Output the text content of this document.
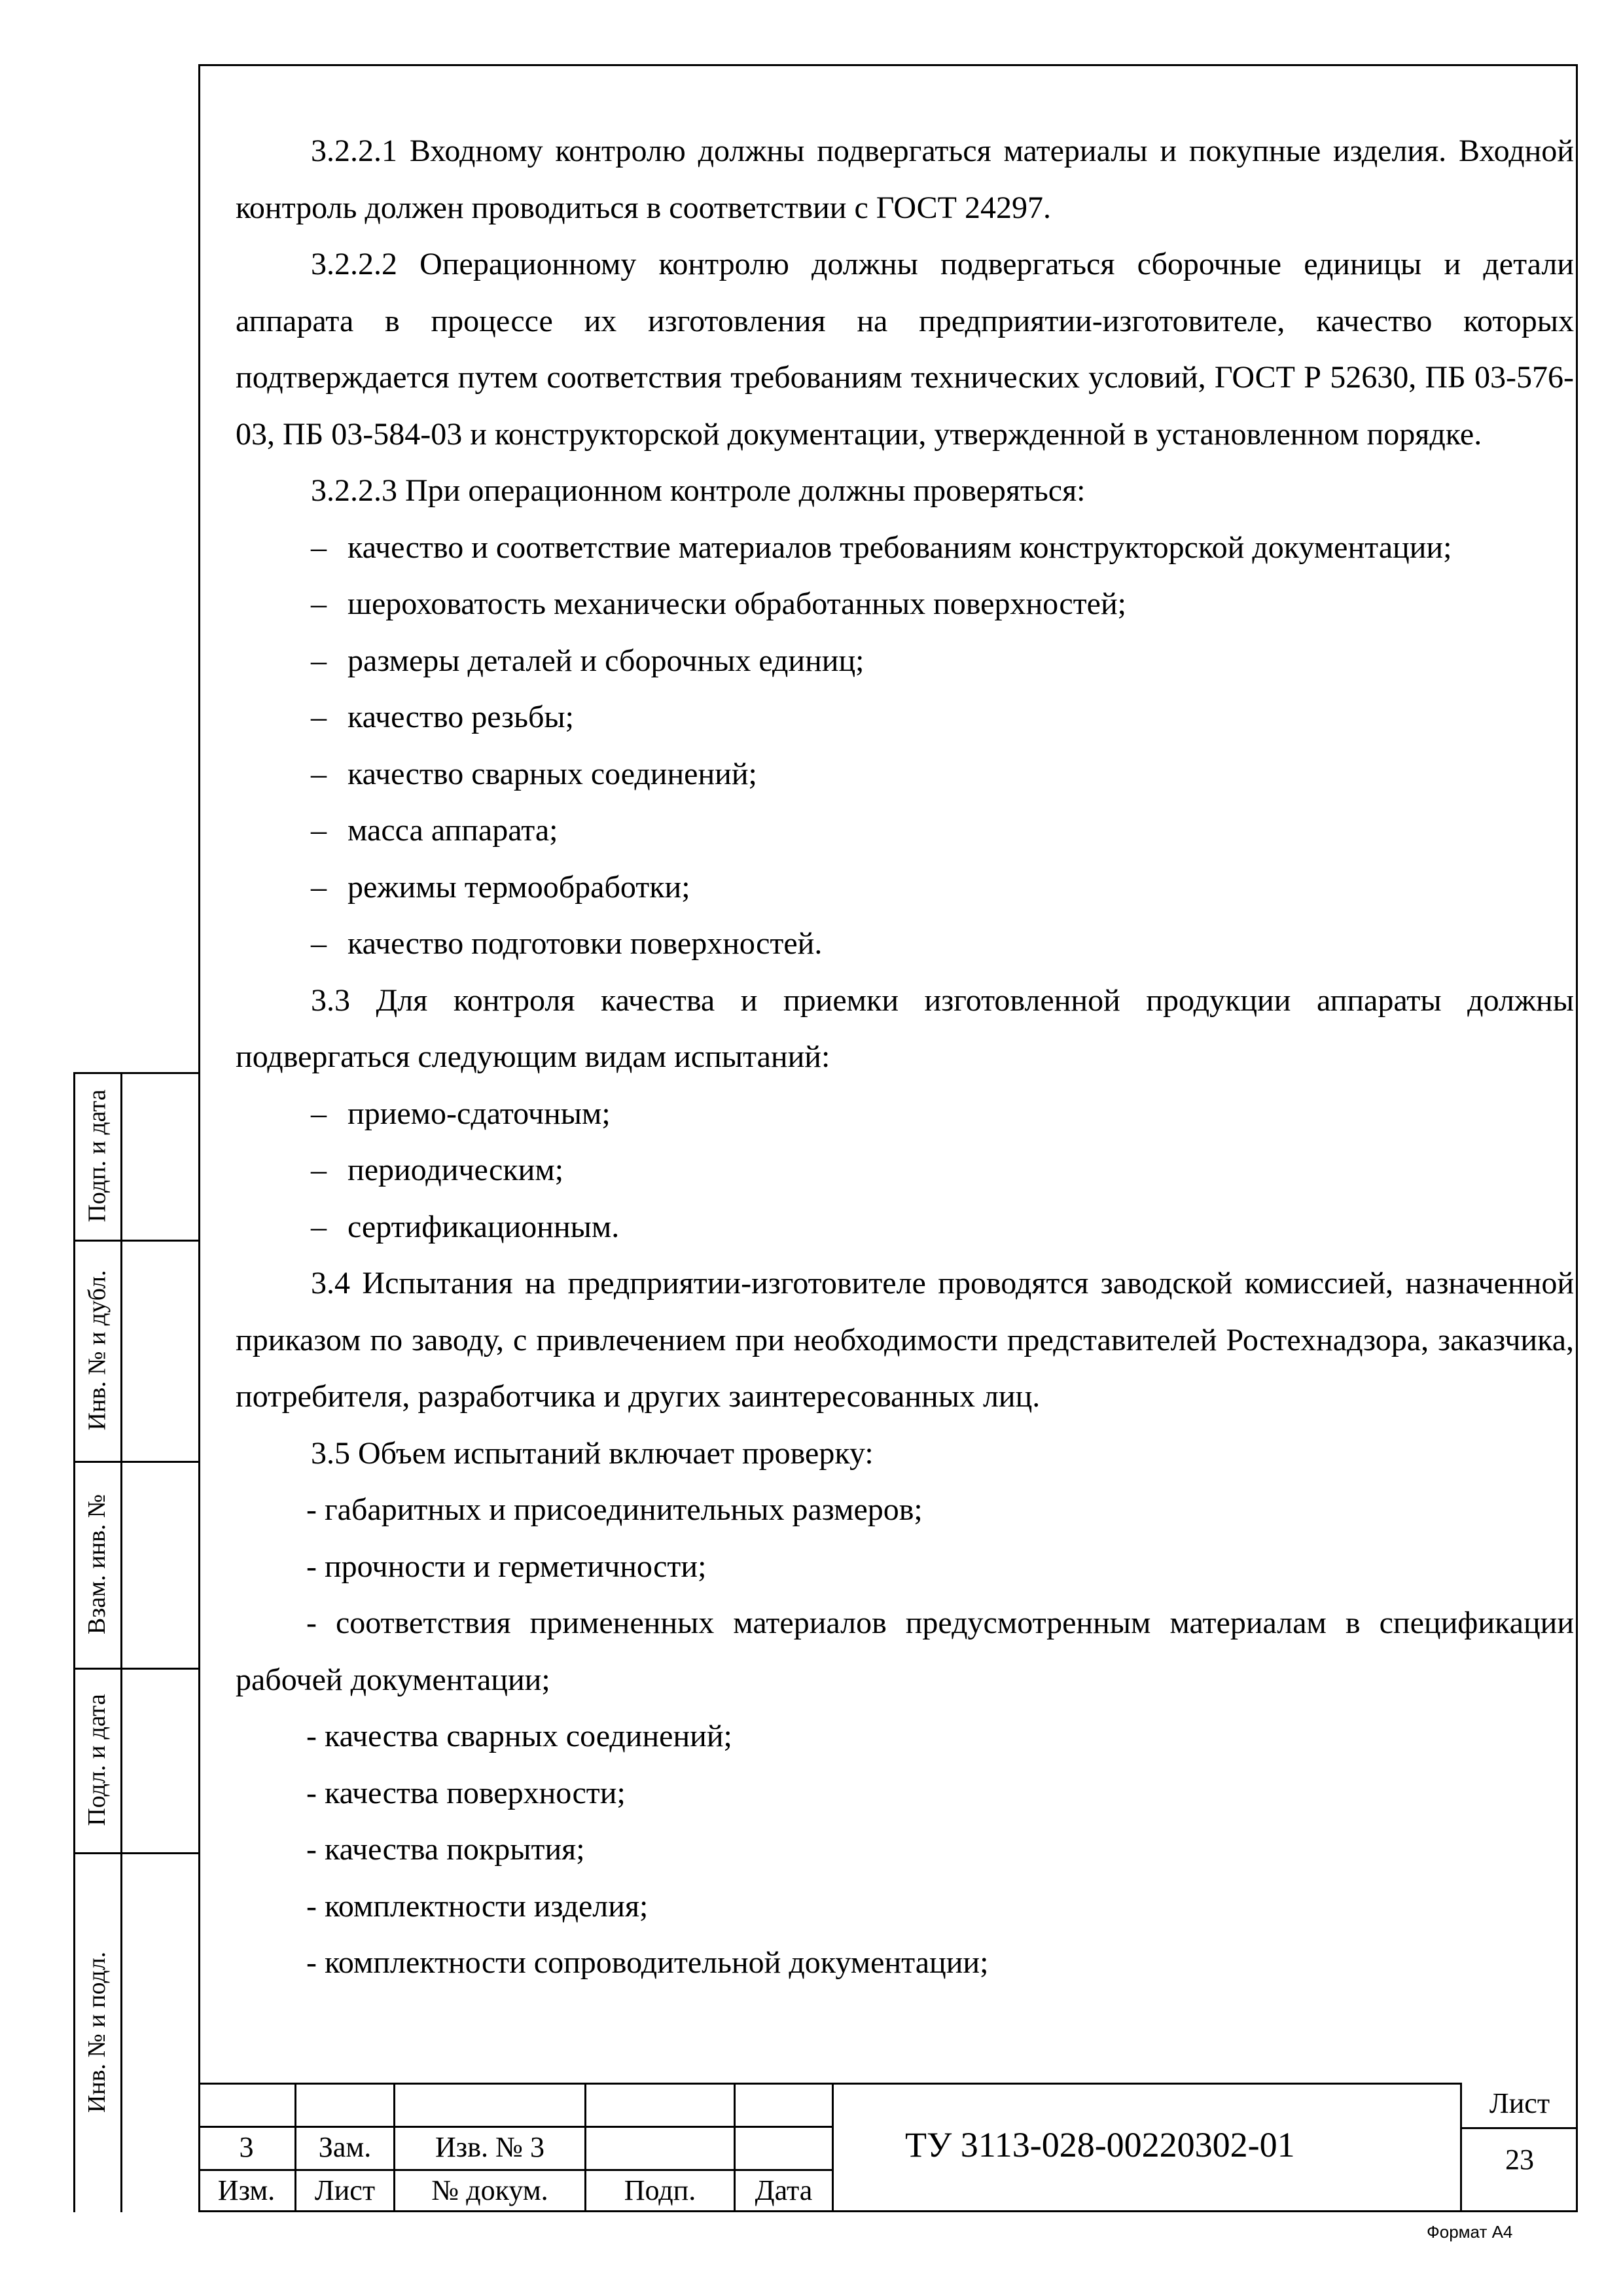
3.2.2.1 Входному контролю должны подвергаться материалы и покупные изделия. Входной контроль должен проводиться в соответствии с ГОСТ 24297.

3.2.2.2 Операционному контролю должны подвергаться сборочные единицы и детали аппарата в процессе их изготовления на предприятии-изготовителе, качество которых подтверждается путем соответствия требованиям технических условий, ГОСТ Р 52630, ПБ 03-576-03, ПБ 03-584-03 и конструкторской документации, утвержденной в установленном порядке.

3.2.2.3 При операционном контроле должны проверяться:

– качество и соответствие материалов требованиям конструкторской документации;

– шероховатость механически обработанных поверхностей;

– размеры деталей и сборочных единиц;

– качество резьбы;

– качество сварных соединений;

– масса аппарата;

– режимы термообработки;

– качество подготовки поверхностей.

3.3 Для контроля качества и приемки изготовленной продукции аппараты должны подвергаться следующим видам испытаний:

– приемо-сдаточным;

– периодическим;

– сертификационным.

3.4 Испытания на предприятии-изготовителе проводятся заводской комиссией, назначенной приказом по заводу, с привлечением при необходимости представителей Ростехнадзора, заказчика, потребителя, разработчика и других заинтересованных лиц.

3.5 Объем испытаний включает проверку:

- габаритных и присоединительных размеров;

- прочности и герметичности;

- соответствия примененных материалов предусмотренным материалам в спецификации рабочей документации;

- качества сварных соединений;

- качества поверхности;

- качества покрытия;

- комплектности изделия;

- комплектности сопроводительной документации;

Подп. и дата
Инв. № и дубл.
Взам. инв. №
Подл. и дата
Инв. № и подл.
3	Зам.	Изв. № 3
Изм.	Лист	№ докум.	Подп.	Дата
ТУ 3113-028-00220302-01
Лист
23
Формат А4
